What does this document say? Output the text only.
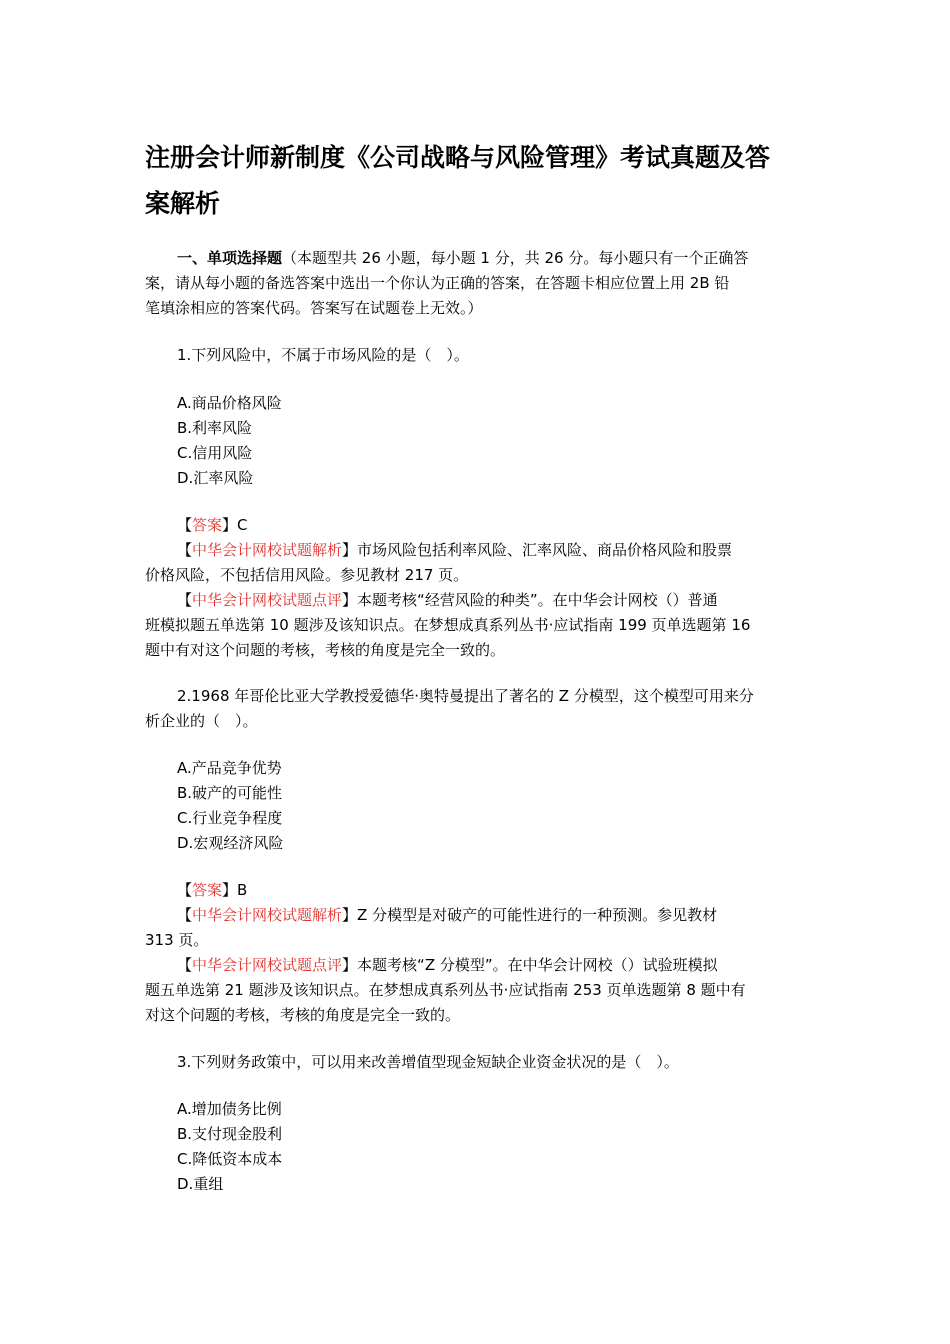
注册会计师新制度《公司战略与风险管理》考试真题及答
案解析
一、单项选择题（本题型共 26 小题，每小题 1 分，共 26 分。每小题只有一个正确答
案，请从每小题的备选答案中选出一个你认为正确的答案，在答题卡相应位置上用 2B 铅
笔填涂相应的答案代码。答案写在试题卷上无效。）
1.下列风险中，不属于市场风险的是（　）。
A.商品价格风险
B.利率风险
C.信用风险
D.汇率风险
【答案】C
【中华会计网校试题解析】市场风险包括利率风险、汇率风险、商品价格风险和股票
价格风险，不包括信用风险。参见教材 217 页。
【中华会计网校试题点评】本题考核“经营风险的种类”。在中华会计网校（）普通
班模拟题五单选第 10 题涉及该知识点。在梦想成真系列丛书·应试指南 199 页单选题第 16
题中有对这个问题的考核，考核的角度是完全一致的。
2.1968 年哥伦比亚大学教授爱德华·奥特曼提出了著名的 Z 分模型，这个模型可用来分
析企业的（　）。
A.产品竞争优势
B.破产的可能性
C.行业竞争程度
D.宏观经济风险
【答案】B
【中华会计网校试题解析】Z 分模型是对破产的可能性进行的一种预测。参见教材
313 页。
【中华会计网校试题点评】本题考核“Z 分模型”。在中华会计网校（）试验班模拟
题五单选第 21 题涉及该知识点。在梦想成真系列丛书·应试指南 253 页单选题第 8 题中有
对这个问题的考核，考核的角度是完全一致的。
3.下列财务政策中，可以用来改善增值型现金短缺企业资金状况的是（　）。
A.增加债务比例
B.支付现金股利
C.降低资本成本
D.重组
